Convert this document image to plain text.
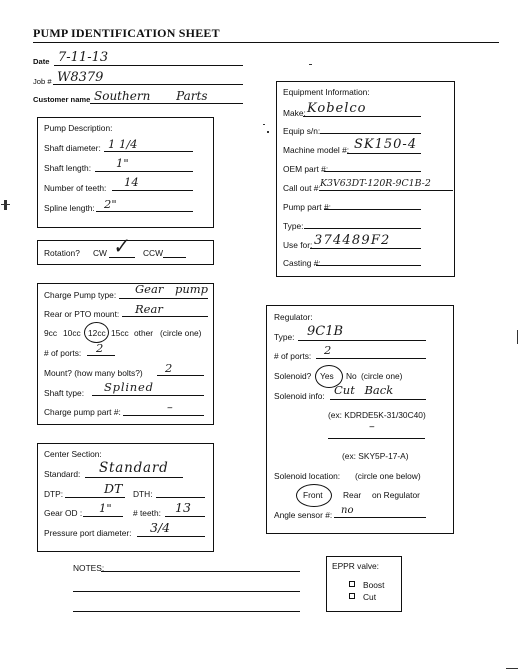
PUMP IDENTIFICATION SHEET
Date 7-11-13
Job # W8379
Customer name Southern Parts
Pump Description:
Shaft diameter: 1 1/4
Shaft length: 1"
Number of teeth: 14
Spline length: 2"
Rotation? CW ✓ CCW
Equipment Information:
Make: Kobelco
Equip s/n:
Machine model #: SK150-4
OEM part #:
Call out #: K3V63DT-120R-9C1B-2
Pump part #:
Type:
Use for: 374489F2
Casting #:
Charge Pump type: Gear pump
Rear or PTO mount: Rear
9cc 10cc 12cc 15cc other (circle one)
# of ports: 2
Mount? (how many bolts?) 2
Shaft type: Splined
Charge pump part #:	–
Regulator:
Type: 9C1B
# of ports: 2
Solenoid? Yes No (circle one)
Solenoid info: Cut Back
(ex: KDRDE5K-31/30C40)
–
(ex: SKY5P-17-A)
Solenoid location: (circle one below)
Front Rear on Regulator
Angle sensor #: no
Center Section:
Standard: Standard
DTP:	DT DTH:
Gear OD : 1"	# teeth: 13
Pressure port diameter: 3/4
NOTES:	EPPR valve:
Boost
Cut
